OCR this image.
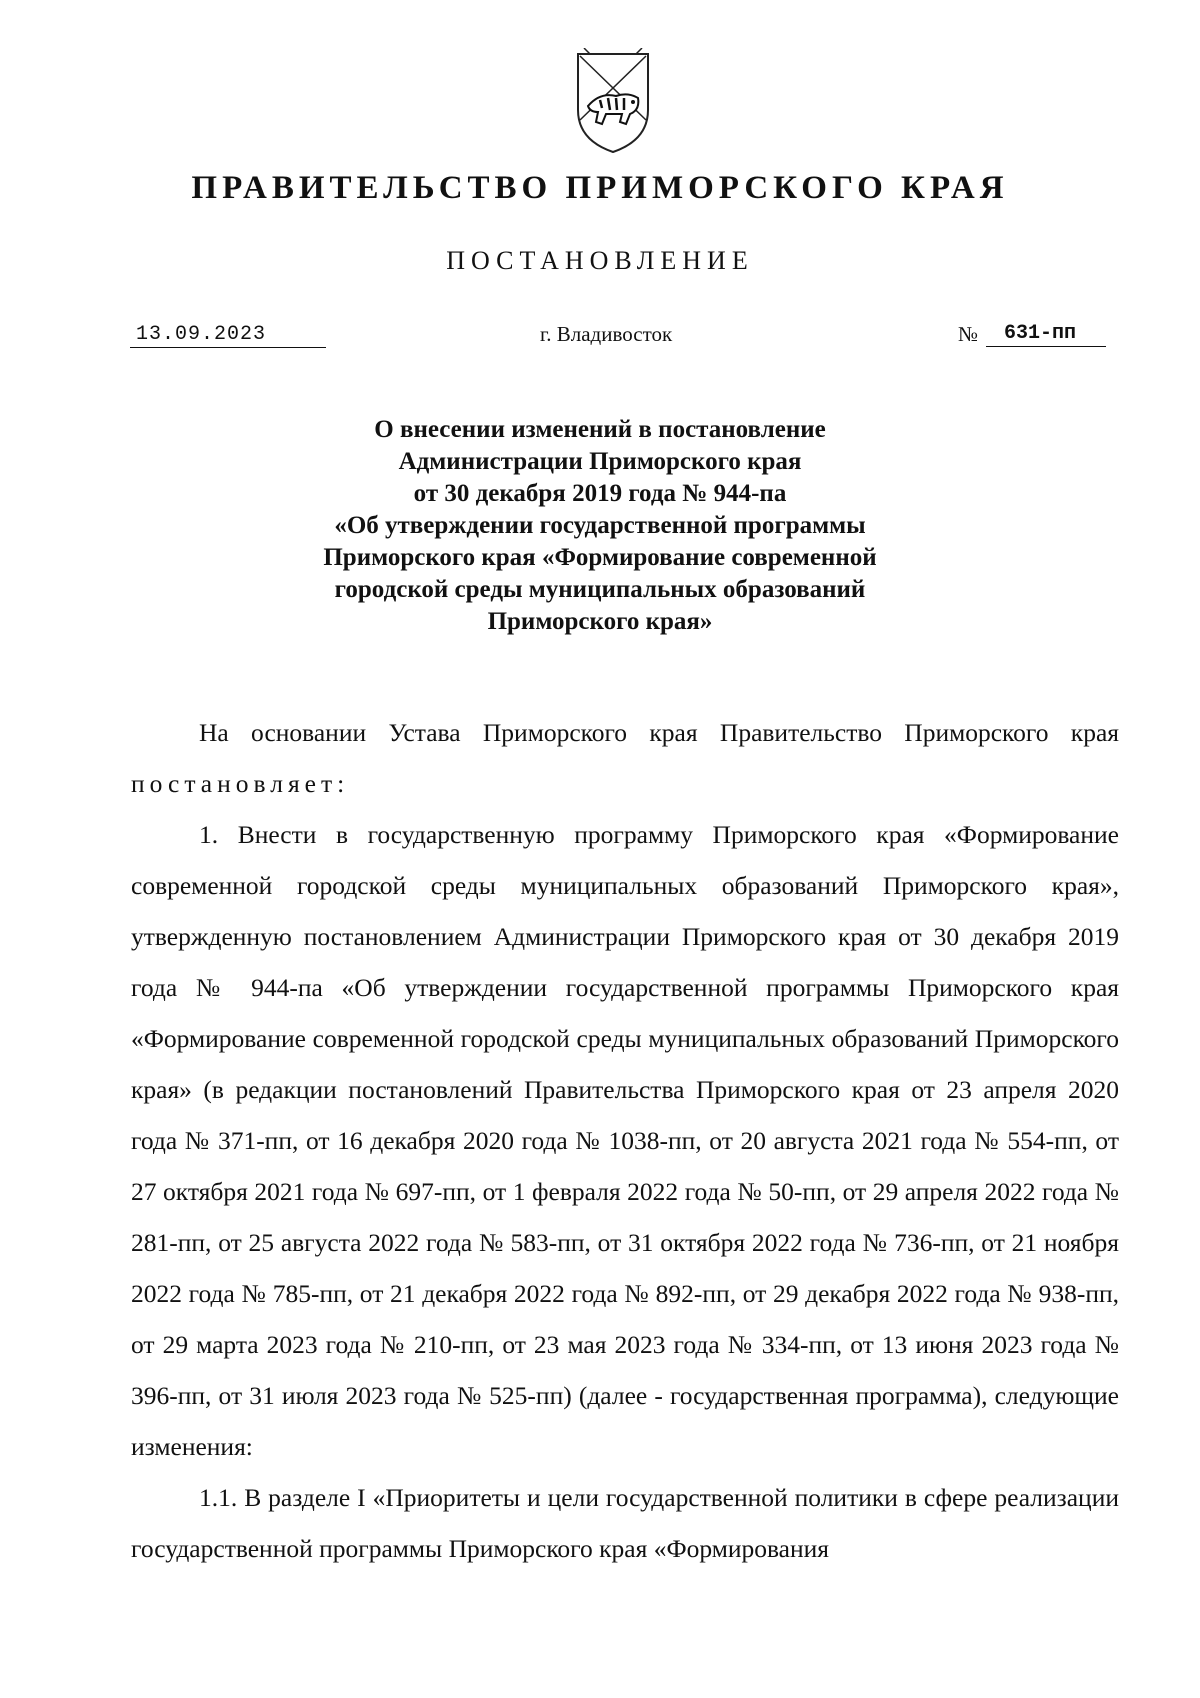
ПРАВИТЕЛЬСТВО ПРИМОРСКОГО КРАЯ
ПОСТАНОВЛЕНИЕ
13.09.2023	г. Владивосток	№	631-пп
О внесении изменений в постановление
Администрации Приморского края
от 30 декабря 2019 года № 944-па
«Об утверждении государственной программы
Приморского края «Формирование современной
городской среды муниципальных образований
Приморского края»

На основании Устава Приморского края Правительство Приморского края постановляет:

1. Внести в государственную программу Приморского края «Формирование современной городской среды муниципальных образований Приморского края», утвержденную постановлением Администрации Приморского края от 30 декабря 2019 года № 944-па «Об утверждении государственной программы Приморского края «Формирование современной городской среды муниципальных образований Приморского края» (в редакции постановлений Правительства Приморского края от 23 апреля 2020 года № 371-пп, от 16 декабря 2020 года № 1038-пп, от 20 августа 2021 года № 554-пп, от 27 октября 2021 года № 697-пп, от 1 февраля 2022 года № 50-пп, от 29 апреля 2022 года № 281-пп, от 25 августа 2022 года № 583-пп, от 31 октября 2022 года № 736-пп, от 21 ноября 2022 года № 785-пп, от 21 декабря 2022 года № 892-пп, от 29 декабря 2022 года № 938-пп, от 29 марта 2023 года № 210-пп, от 23 мая 2023 года № 334-пп, от 13 июня 2023 года № 396-пп, от 31 июля 2023 года № 525-пп) (далее - государственная программа), следующие изменения:

1.1. В разделе I «Приоритеты и цели государственной политики в сфере реализации государственной программы Приморского края «Формирования
